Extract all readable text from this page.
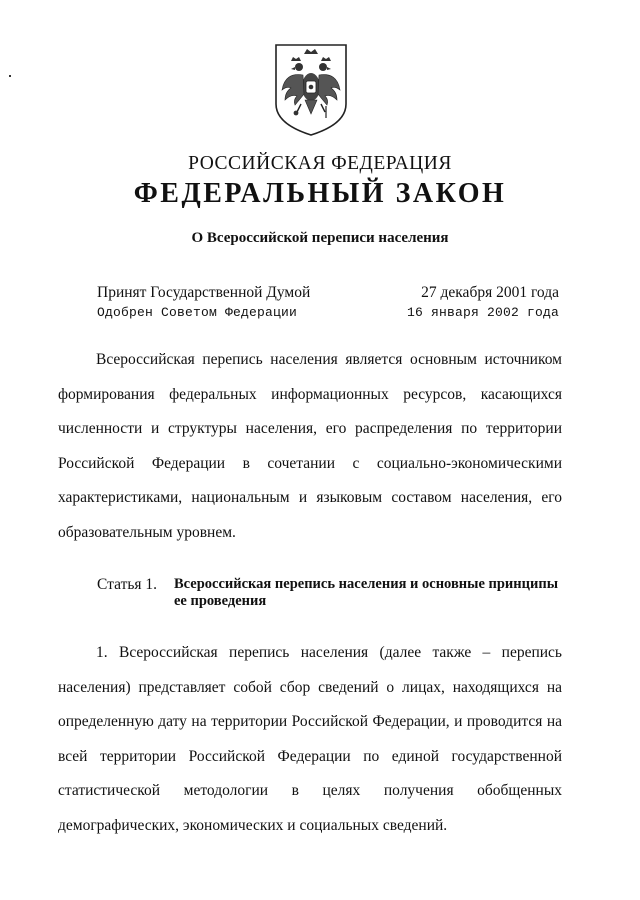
РОССИЙСКАЯ ФЕДЕРАЦИЯ
ФЕДЕРАЛЬНЫЙ ЗАКОН
О Всероссийской переписи населения
Принят Государственной Думой	27 декабря 2001 года
Одобрен Советом Федерации	16 января 2002 года

Всероссийская перепись населения является основным источником формирования федеральных информационных ресурсов, касающихся численности и структуры населения, его распределения по территории Российской Федерации в сочетании с социально-экономическими характеристиками, национальным и языковым составом населения, его образовательным уровнем.

Статья 1.	Всероссийская перепись населения и основные принципы ее проведения

1. Всероссийская перепись населения (далее также – перепись населения) представляет собой сбор сведений о лицах, находящихся на определенную дату на территории Российской Федерации, и проводится на всей территории Российской Федерации по единой государственной статистической методологии в целях получения обобщенных демографических, экономических и социальных сведений.
